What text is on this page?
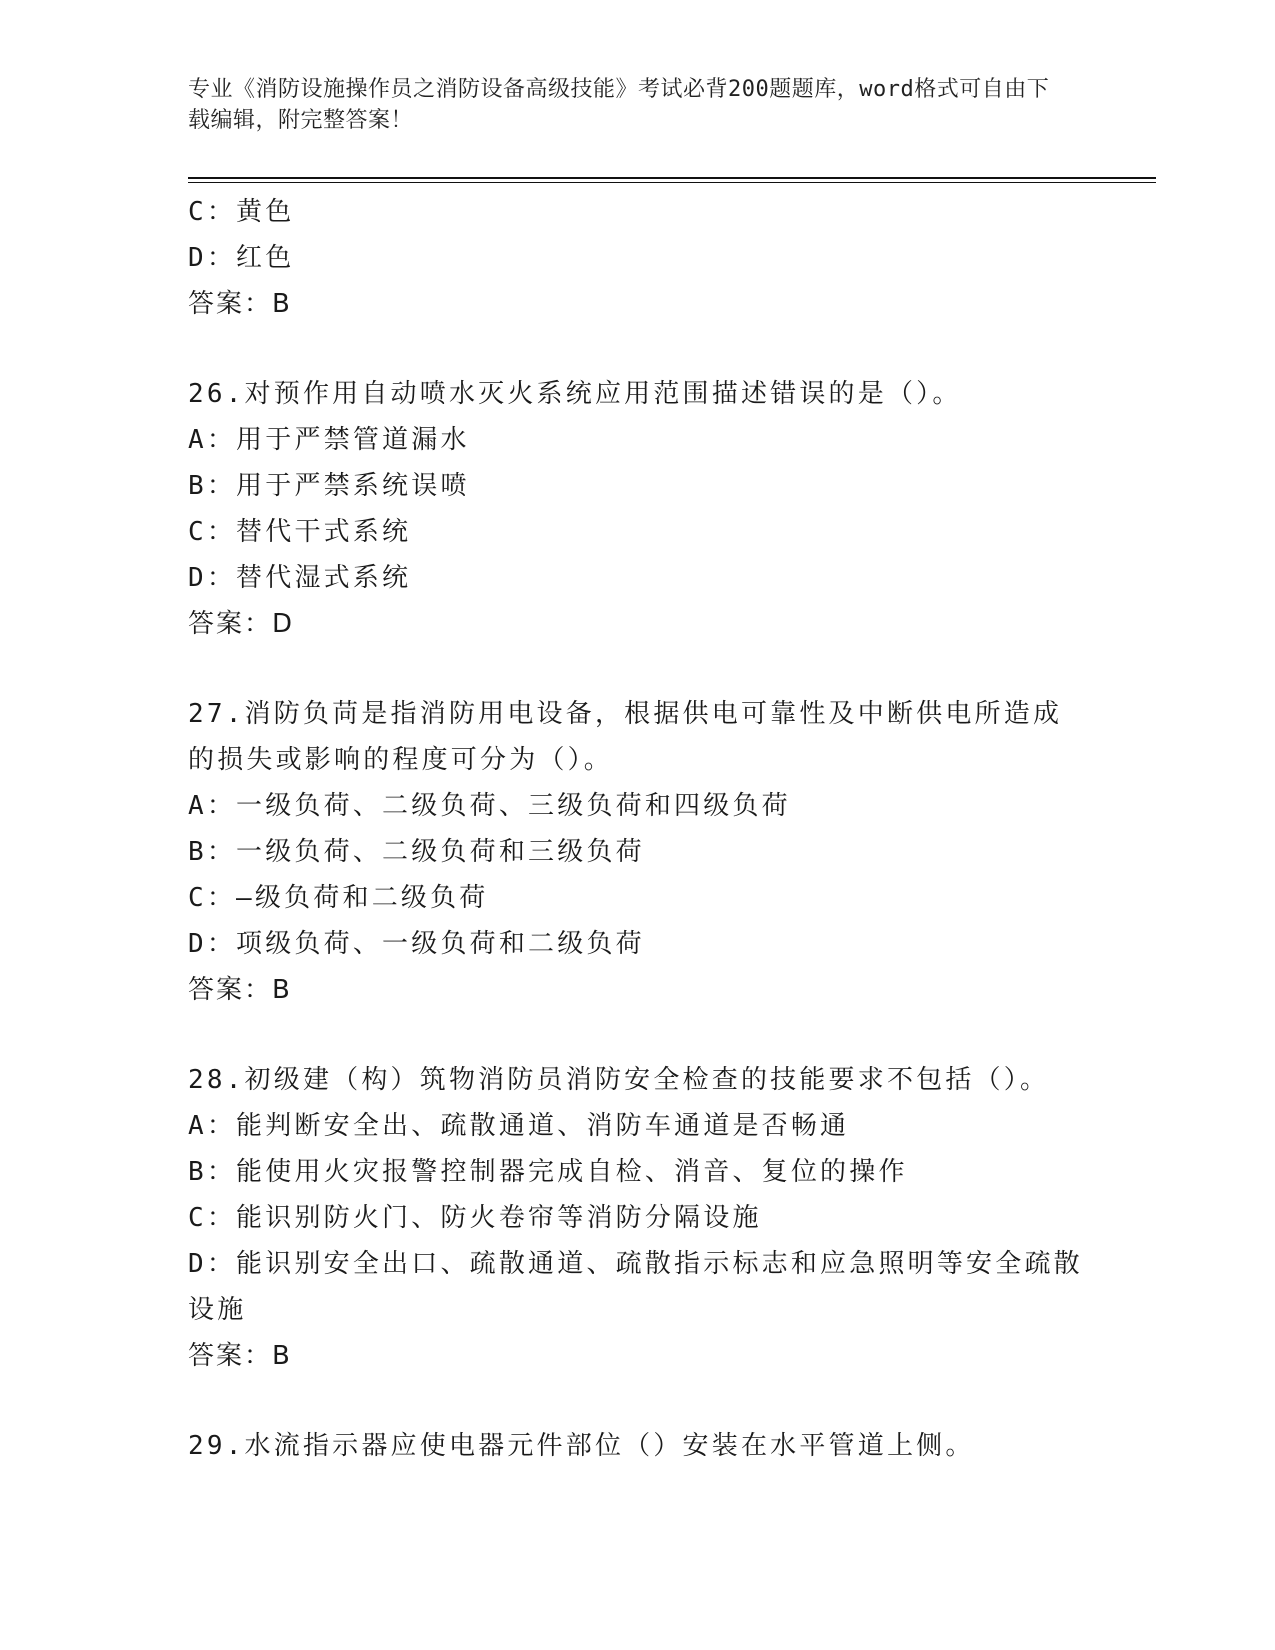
专业《消防设施操作员之消防设备高级技能》考试必背200题题库，word格式可自由下载编辑，附完整答案！
C：黄色
D：红色
答案：B
26.对预作用自动喷水灭火系统应用范围描述错误的是（）。
A：用于严禁管道漏水
B：用于严禁系统误喷
C：替代干式系统
D：替代湿式系统
答案：D
27.消防负苘是指消防用电设备，根据供电可靠性及中断供电所造成的损失或影响的程度可分为（）。
A：一级负荷、二级负荷、三级负荷和四级负荷
B：一级负荷、二级负荷和三级负荷
C：—级负荷和二级负荷
D：项级负荷、一级负荷和二级负荷
答案：B
28.初级建（构）筑物消防员消防安全检查的技能要求不包括（）。
A：能判断安全出、疏散通道、消防车通道是否畅通
B：能使用火灾报警控制器完成自检、消音、复位的操作
C：能识别防火门、防火卷帘等消防分隔设施
D：能识别安全出口、疏散通道、疏散指示标志和应急照明等安全疏散设施
答案：B
29.水流指示器应使电器元件部位（）安装在水平管道上侧。
